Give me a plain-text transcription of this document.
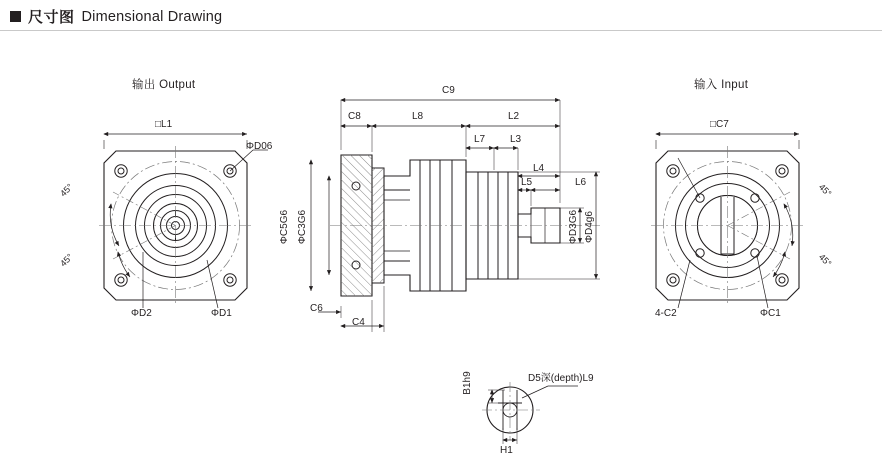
尺寸图 Dimensional Drawing
输出 Output
□L1
ΦD06
45°
45°
ΦD2	ΦD1
C9
C8	L8	L2
L7 L3
L4
L5	L6
ΦC5G6 ΦC3G6	ΦD3G6 ΦD4g6
C6
C4
输入 Input
□C7
45°
45°
4-C2	ΦC1
B1h9	D5深(depth)L9
H1
